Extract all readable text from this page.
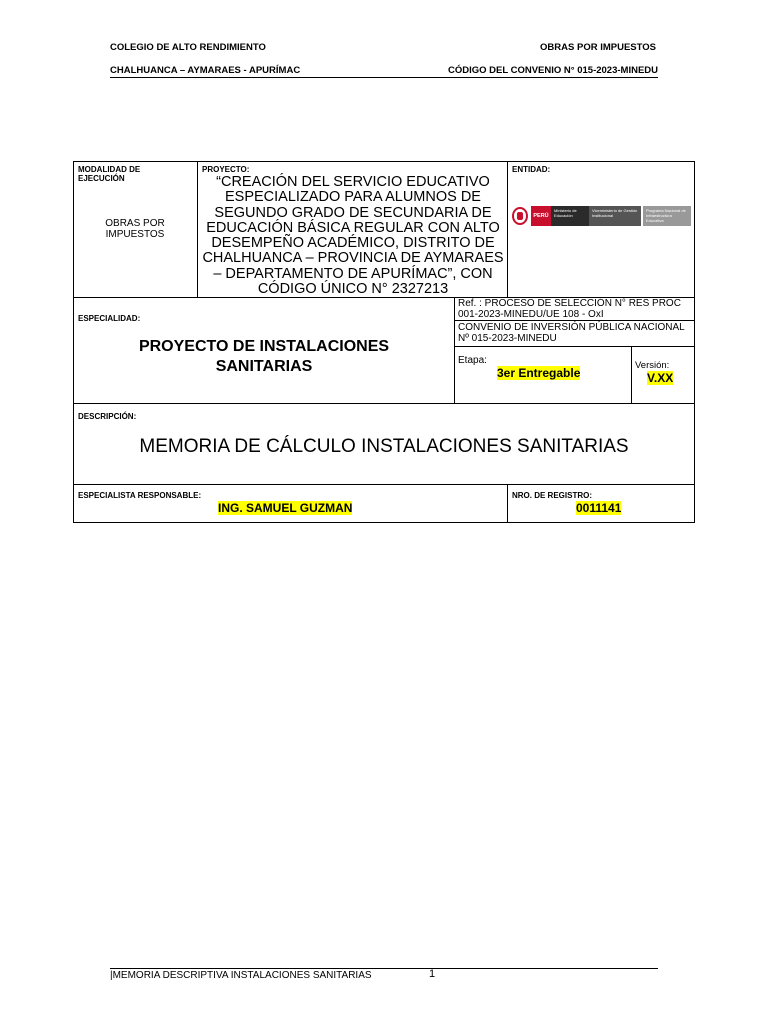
COLEGIO DE ALTO RENDIMIENTO	OBRAS POR IMPUESTOS
CHALHUANCA – AYMARAES - APURÍMAC	CÓDIGO DEL CONVENIO N° 015-2023-MINEDU
MODALIDAD DE EJECUCIÓN
OBRAS POR IMPUESTOS
PROYECTO:
“CREACIÓN DEL SERVICIO EDUCATIVO ESPECIALIZADO PARA ALUMNOS DE SEGUNDO GRADO DE SECUNDARIA DE EDUCACIÓN BÁSICA REGULAR CON ALTO DESEMPEÑO ACADÉMICO, DISTRITO DE CHALHUANCA – PROVINCIA DE AYMARAES – DEPARTAMENTO DE APURÍMAC”, CON CÓDIGO ÚNICO N° 2327213
ENTIDAD:
PERÚ
Ministerio de Educación
Viceministerio de Gestión Institucional
Programa Nacional de Infraestructura Educativa
ESPECIALIDAD:
PROYECTO DE INSTALACIONES SANITARIAS
Ref. : PROCESO DE SELECCIÓN N° RES PROC 001-2023-MINEDU/UE 108 - OxI
CONVENIO DE INVERSIÓN PÚBLICA NACIONAL Nº 015-2023-MINEDU
Etapa:
3er Entregable
Versión:
V.XX
DESCRIPCIÓN:
MEMORIA DE CÁLCULO INSTALACIONES SANITARIAS
ESPECIALISTA RESPONSABLE:
ING. SAMUEL GUZMAN
NRO. DE REGISTRO:
0011141
|MEMORIA DESCRIPTIVA INSTALACIONES SANITARIAS	1
